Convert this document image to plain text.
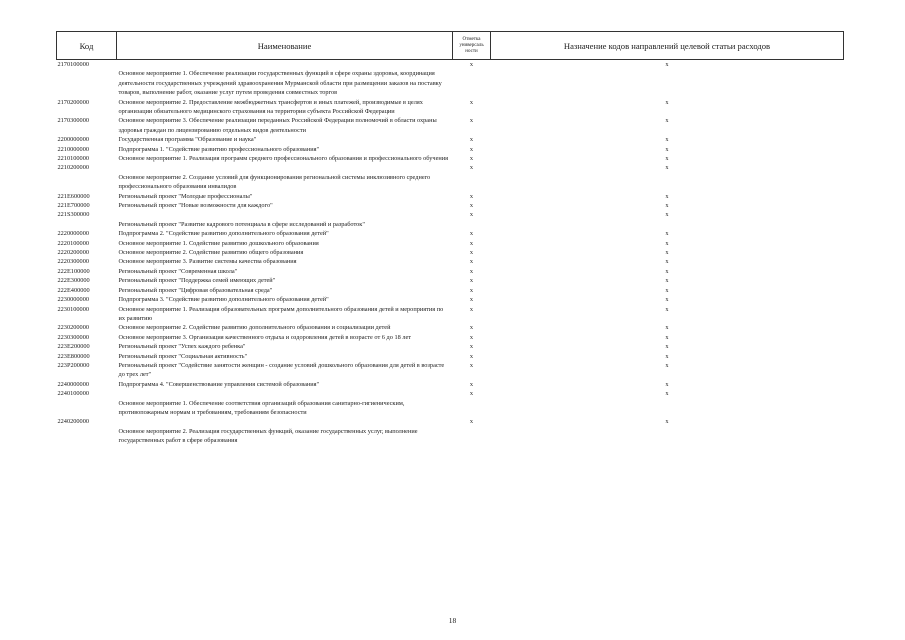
Код	Наименование	Отметка универсаль ности	Назначение кодов направлений целевой статьи расходов
2170100000	Основное мероприятие 1. Обеспечение реализации государственных функций в сфере охраны здоровья, координация деятельности государственных учреждений здравоохранения Мурманской области при размещении заказов на поставку товаров, выполнение работ, оказание услуг путем проведения совместных торгов	x	x
2170200000	Основное мероприятие 2. Предоставление межбюджетных трансфертов и иных платежей, производимые в целях организации обязательного медицинского страхования на территории субъекта Российской Федерации	x	x
2170300000	Основное мероприятие 3. Обеспечение реализации переданных Российской Федерации полномочий в области охраны здоровья граждан по лицензированию отдельных видов деятельности	x	x
2200000000	Государственная программа "Образование и наука"	x	x
2210000000	Подпрограмма 1. "Содействие развитию профессионального образования"	x	x
2210100000	Основное мероприятие 1. Реализация программ среднего профессионального образования и профессионального обучения	x	x
2210200000	Основное мероприятие 2. Создание условий для функционирования региональной системы инклюзивного среднего профессионального образования инвалидов	x	x
221E600000	Региональный проект "Молодые профессионалы"	x	x
221E700000	Региональный проект "Новые возможности для каждого"	x	x
221S300000	Региональный проект "Развитие кадрового потенциала в сфере исследований и разработок"	x	x
2220000000	Подпрограмма 2. "Содействие развитию дополнительного образования детей"	x	x
2220100000	Основное мероприятие 1. Содействие развитию дошкольного образования	x	x
2220200000	Основное мероприятие 2. Содействие развитию общего образования	x	x
2220300000	Основное мероприятие 3. Развитие системы качества образования	x	x
222E100000	Региональный проект "Современная школа"	x	x
222E300000	Региональный проект "Поддержка семей имеющих детей"	x	x
222E400000	Региональный проект "Цифровая образовательная среда"	x	x
2230000000	Подпрограмма 3. "Содействие развитию дополнительного образования детей"	x	x
2230100000	Основное мероприятие 1. Реализация образовательных программ дополнительного образования детей и мероприятия по их развитию	x	x
2230200000	Основное мероприятие 2. Содействие развитию дополнительного образования и социализации детей	x	x
2230300000	Основное мероприятие 3. Организация качественного отдыха и оздоровления детей в возрасте от 6 до 18 лет	x	x
223E200000	Региональный проект "Успех каждого ребенка"	x	x
223E800000	Региональный проект "Социальная активность"	x	x
223P200000	Региональный проект "Содействие занятости женщин - создание условий дошкольного образования для детей в возрасте до трех лет"	x	x
2240000000	Подпрограмма 4. "Совершенствование управления системой образования"	x	x
2240100000	Основное мероприятие 1. Обеспечение соответствия организаций образования санитарно-гигиеническим, противопожарным нормам и требованиям, требованиям безопасности	x	x
2240200000	Основное мероприятие 2. Реализация государственных функций, оказание государственных услуг, выполнение государственных работ в сфере образования	x	x
18
